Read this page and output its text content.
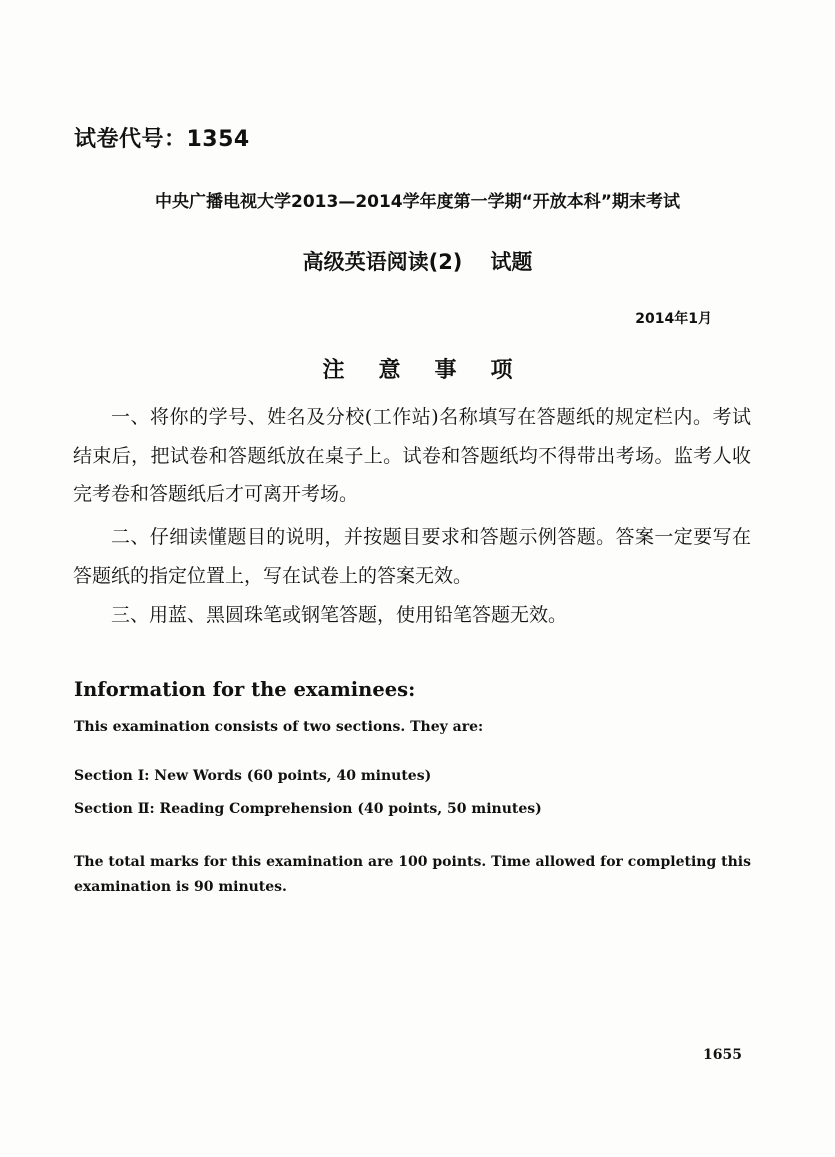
试卷代号：1354
中央广播电视大学2013—2014学年度第一学期“开放本科”期末考试
高级英语阅读(2) 试题
2014年1月
注意事项
一、将你的学号、姓名及分校(工作站)名称填写在答题纸的规定栏内。考试结束后，把试卷和答题纸放在桌子上。试卷和答题纸均不得带出考场。监考人收完考卷和答题纸后才可离开考场。
二、仔细读懂题目的说明，并按题目要求和答题示例答题。答案一定要写在答题纸的指定位置上，写在试卷上的答案无效。
三、用蓝、黑圆珠笔或钢笔答题，使用铅笔答题无效。
Information for the examinees:
This examination consists of two sections. They are:
Section Ⅰ: New Words (60 points, 40 minutes)
Section Ⅱ: Reading Comprehension (40 points, 50 minutes)
The total marks for this examination are 100 points. Time allowed for completing this examination is 90 minutes.
1655
